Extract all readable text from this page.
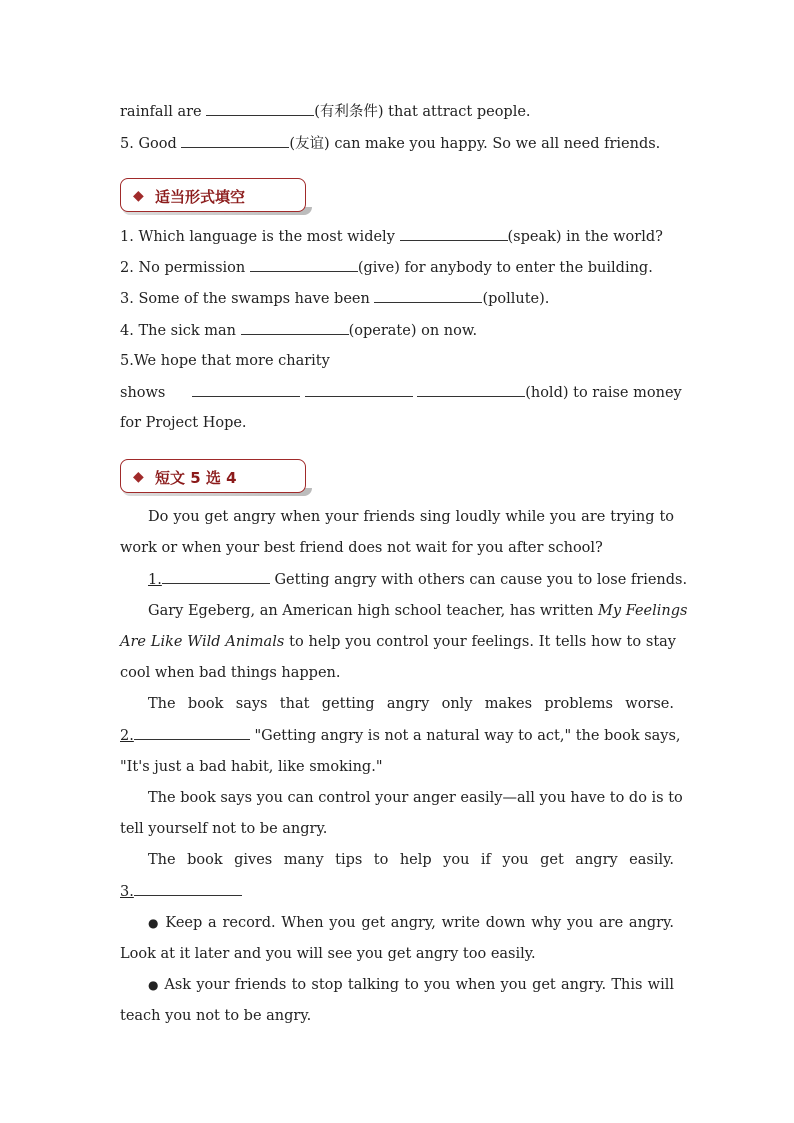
rainfall are	(有利条件) that attract people.
5. Good	(友谊) can make you happy. So we all need friends.
◆ 适当形式填空
1. Which language is the most widely	(speak) in the world?
2. No permission	(give) for anybody to enter the building.
3. Some of the swamps have been	(pollute).
4. The sick man	(operate) on now.
5.We hope that more charity
shows	(hold) to raise money
for Project Hope.
◆ 短文 5 选 4
Do you get angry when your friends sing loudly while you are trying to
work or when your best friend does not wait for you after school?
1.	Getting angry with others can cause you to lose friends.
Gary Egeberg, an American high school teacher, has written My Feelings
Are Like Wild Animals to help you control your feelings. It tells how to stay
cool when bad things happen.
The book says that getting angry only makes problems worse.
2.	"Getting angry is not a natural way to act," the book says,
"It's just a bad habit, like smoking."
The book says you can control your anger easily—all you have to do is to
tell yourself not to be angry.
The book gives many tips to help you if you get angry easily.
3.
● Keep a record. When you get angry, write down why you are angry.
Look at it later and you will see you get angry too easily.
● Ask your friends to stop talking to you when you get angry. This will
teach you not to be angry.
